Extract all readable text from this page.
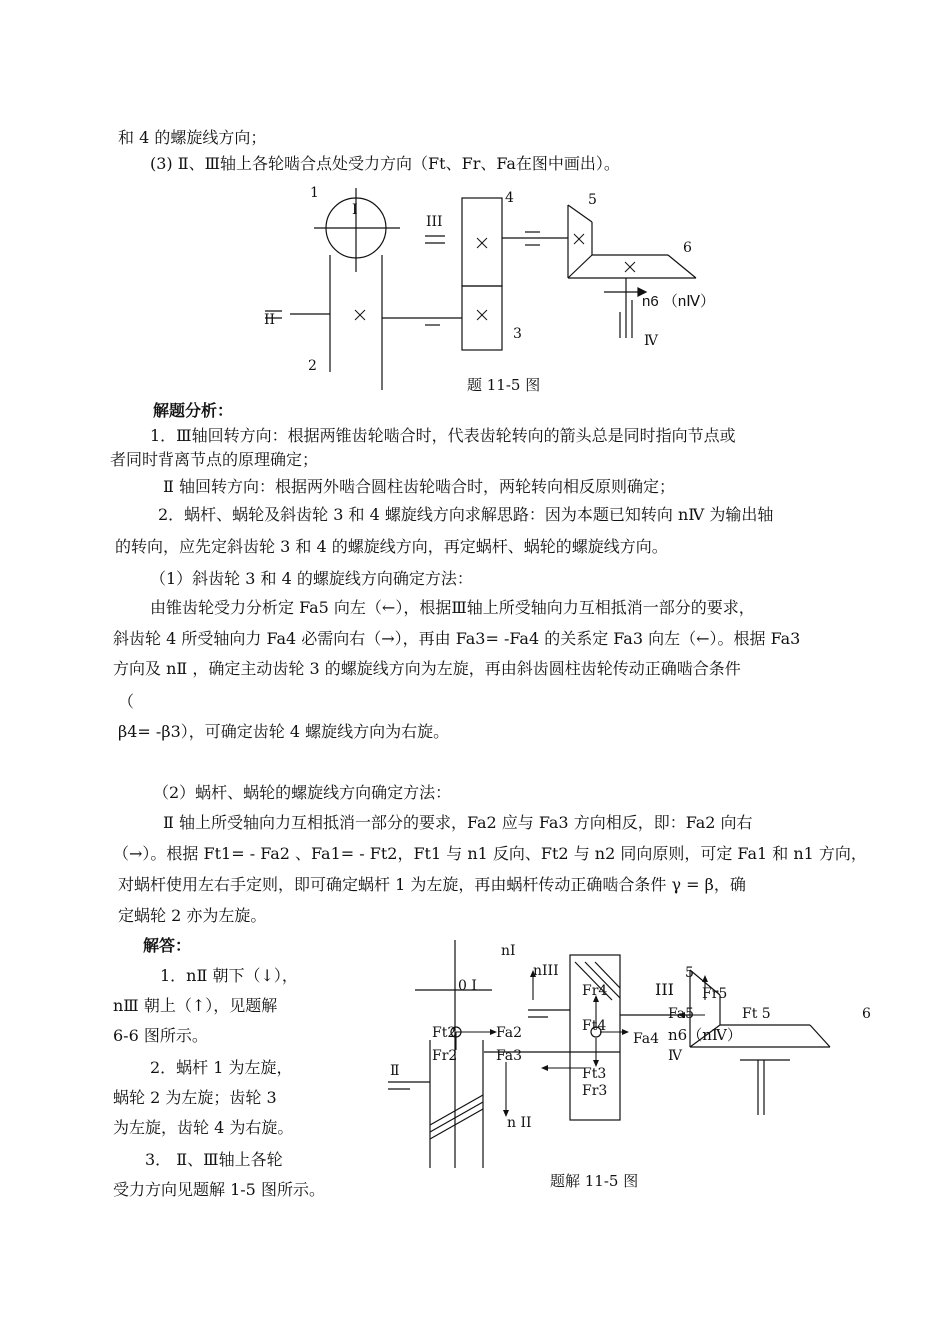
和 4 的螺旋线方向；
(3) Ⅱ、Ⅲ轴上各轮啮合点处受力方向（Ft、Fr、Fa在图中画出）。
1
I
III
4	5
6
II
3
2
n6 （nⅣ）
Ⅳ
nI
0 I
nIII
Fr4	III
5
Fr5
6
Ft2	Fa2	Ft4
Fa4
Fa5	Ft 5
Fr2	Fa3
n6（nⅣ）
Ⅳ
Ⅱ	Ft3
Fr3
n II
题 11-5 图
解题分析：
1．Ⅲ轴回转方向：根据两锥齿轮啮合时，代表齿轮转向的箭头总是同时指向节点或
者同时背离节点的原理确定；
Ⅱ 轴回转方向：根据两外啮合圆柱齿轮啮合时，两轮转向相反原则确定；
2．蜗杆、蜗轮及斜齿轮 3 和 4 螺旋线方向求解思路：因为本题已知转向 nⅣ 为输出轴
的转向，应先定斜齿轮 3 和 4 的螺旋线方向，再定蜗杆、蜗轮的螺旋线方向。
（1）斜齿轮 3 和 4 的螺旋线方向确定方法：
由锥齿轮受力分析定 Fa5 向左（←），根据Ⅲ轴上所受轴向力互相抵消一部分的要求，
斜齿轮 4 所受轴向力 Fa4 必需向右（→），再由 Fa3= -Fa4 的关系定 Fa3 向左（←）。根据 Fa3
方向及 nⅡ ，确定主动齿轮 3 的螺旋线方向为左旋，再由斜齿圆柱齿轮传动正确啮合条件
（
β4= -β3），可确定齿轮 4 螺旋线方向为右旋。
（2）蜗杆、蜗轮的螺旋线方向确定方法：
Ⅱ 轴上所受轴向力互相抵消一部分的要求，Fa2 应与 Fa3 方向相反，即：Fa2 向右
（→）。根据 Ft1= - Fa2 、Fa1= - Ft2，Ft1 与 n1 反向、Ft2 与 n2 同向原则，可定 Fa1 和 n1 方向，
对蜗杆使用左右手定则，即可确定蜗杆 1 为左旋，再由蜗杆传动正确啮合条件 γ = β，确
定蜗轮 2 亦为左旋。
解答：
1．nⅡ 朝下（↓），
nⅢ 朝上（↑），见题解
6-6 图所示。
2．蜗杆 1 为左旋，
蜗轮 2 为左旋；齿轮 3
为左旋，齿轮 4 为右旋。
3． Ⅱ、Ⅲ轴上各轮
受力方向见题解 1-5 图所示。	题解 11-5 图
